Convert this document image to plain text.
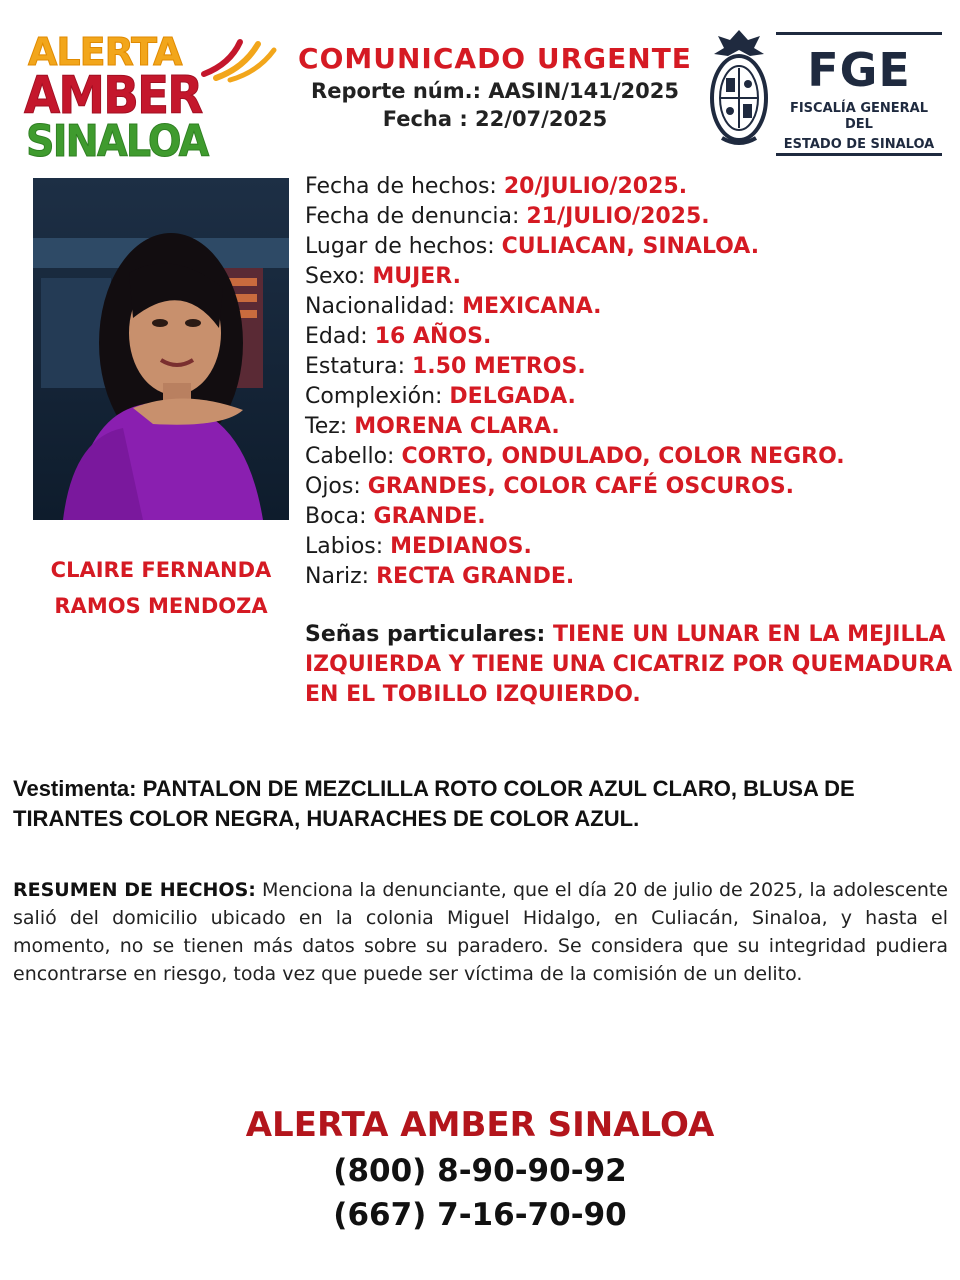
ALERTA
AMBER
SINALOA
COMUNICADO URGENTE
Reporte núm.: AASIN/141/2025
Fecha : 22/07/2025
FGE
FISCALÍA GENERAL DEL
ESTADO DE SINALOA
CLAIRE FERNANDA
RAMOS MENDOZA
Fecha de hechos: 20/JULIO/2025.
Fecha de denuncia: 21/JULIO/2025.
Lugar de hechos: CULIACAN, SINALOA.
Sexo: MUJER.
Nacionalidad: MEXICANA.
Edad: 16 AÑOS.
Estatura: 1.50 METROS.
Complexión: DELGADA.
Tez: MORENA CLARA.
Cabello: CORTO, ONDULADO, COLOR NEGRO.
Ojos: GRANDES, COLOR CAFÉ OSCUROS.
Boca: GRANDE.
Labios: MEDIANOS.
Nariz: RECTA GRANDE.
Señas particulares: TIENE UN LUNAR EN LA MEJILLA IZQUIERDA Y TIENE UNA CICATRIZ POR QUEMADURA EN EL TOBILLO IZQUIERDO.
Vestimenta: PANTALON DE MEZCLILLA ROTO COLOR AZUL CLARO, BLUSA DE TIRANTES COLOR NEGRA, HUARACHES DE COLOR AZUL.
RESUMEN DE HECHOS: Menciona la denunciante, que el día 20 de julio de 2025, la adolescente salió del domicilio ubicado en la colonia Miguel Hidalgo, en Culiacán, Sinaloa, y hasta el momento, no se tienen más datos sobre su paradero. Se considera que su integridad pudiera encontrarse en riesgo, toda vez que puede ser víctima de la comisión de un delito.
ALERTA AMBER SINALOA
(800) 8-90-90-92
(667) 7-16-70-90
